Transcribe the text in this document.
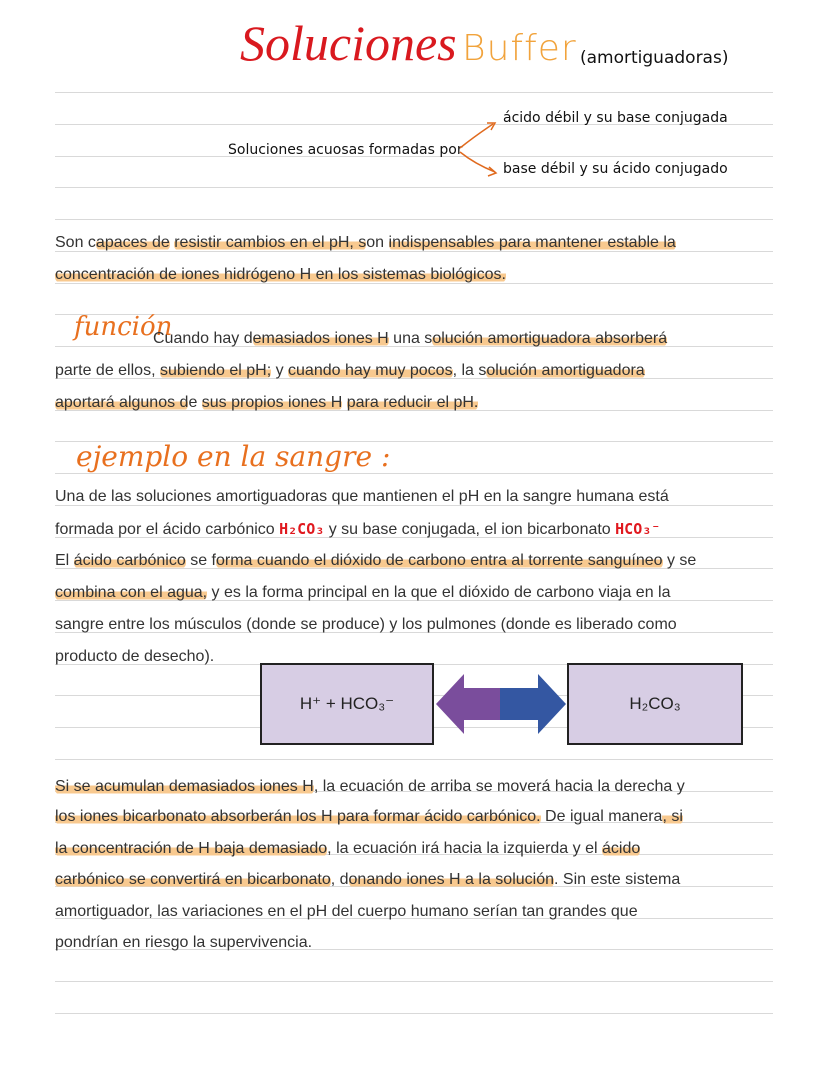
Soluciones Buffer (amortiguadoras)
Soluciones acuosas formadas por
ácido débil y su base conjugada
base débil y su ácido conjugado
función
ejemplo en la sangre :
Son capaces de resistir cambios en el pH, son indispensables para mantener estable la
concentración de iones hidrógeno H en los sistemas biológicos.
Cuando hay demasiados iones H una solución amortiguadora absorberá
parte de ellos, subiendo el pH; y cuando hay muy pocos, la solución amortiguadora
aportará algunos de sus propios iones H para reducir el pH.
Una de las soluciones amortiguadoras que mantienen el pH en la sangre humana está
formada por el ácido carbónico H₂CO₃ y su base conjugada, el ion bicarbonato HCO₃⁻
El ácido carbónico se forma cuando el dióxido de carbono entra al torrente sanguíneo y se
combina con el agua, y es la forma principal en la que el dióxido de carbono viaja en la
sangre entre los músculos (donde se produce) y los pulmones (donde es liberado como
producto de desecho).
Si se acumulan demasiados iones H, la ecuación de arriba se moverá hacia la derecha y
los iones bicarbonato absorberán los H para formar ácido carbónico. De igual manera, si
la concentración de H baja demasiado, la ecuación irá hacia la izquierda y el ácido
carbónico se convertirá en bicarbonato, donando iones H a la solución. Sin este sistema
amortiguador, las variaciones en el pH del cuerpo humano serían tan grandes que
pondrían en riesgo la supervivencia.
H⁺ + HCO₃⁻	H₂CO₃
